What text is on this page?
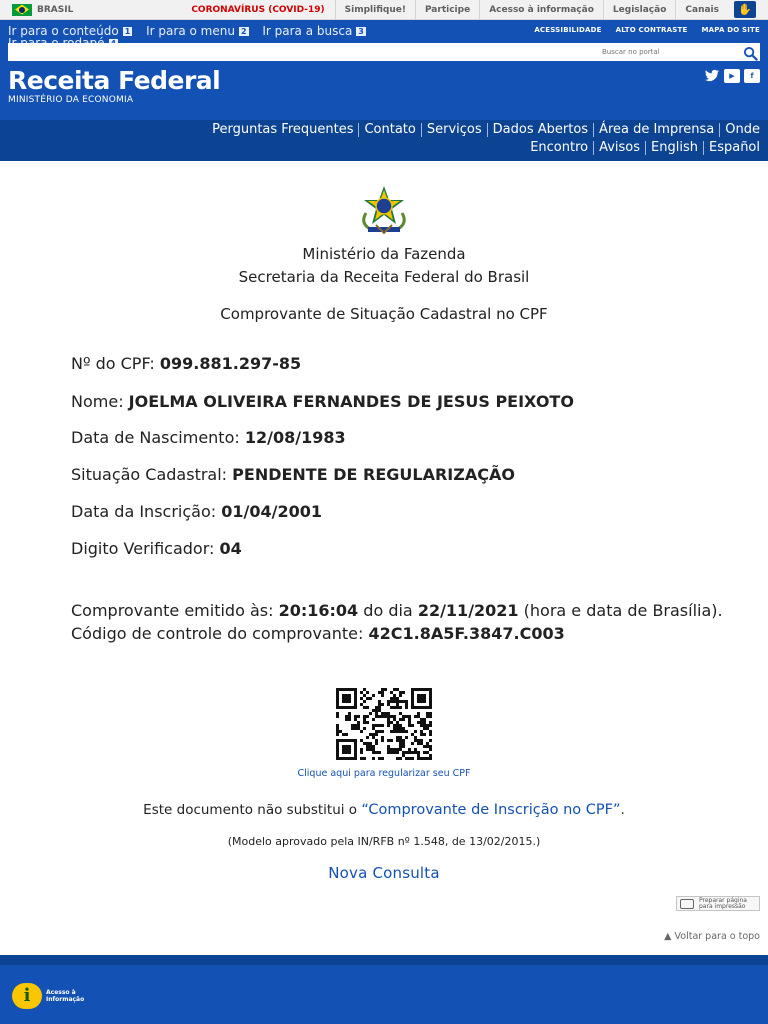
BRASIL	CORONAVÍRUS (COVID-19)	Simplifique!	Participe	Acesso à informação	Legislação	Canais	✋
Ir para o conteúdo 1 Ir para o menu 2 Ir para a busca 3	ACESSIBILIDADE ALTO CONTRASTE MAPA DO SITE
Buscar no portal
Receita Federal
MINISTÉRIO DA ECONOMIA
▶	f
Perguntas Frequentes Contato Serviços Dados Abertos Área de Imprensa Onde
Encontro Avisos English Español
Ministério da Fazenda
Secretaria da Receita Federal do Brasil
Comprovante de Situação Cadastral no CPF
Nº do CPF: 099.881.297-85
Nome: JOELMA OLIVEIRA FERNANDES DE JESUS PEIXOTO
Data de Nascimento: 12/08/1983
Situação Cadastral: PENDENTE DE REGULARIZAÇÃO
Data da Inscrição: 01/04/2001
Digito Verificador: 04
Comprovante emitido às: 20:16:04 do dia 22/11/2021 (hora e data de Brasília).
Código de controle do comprovante: 42C1.8A5F.3847.C003
Clique aqui para regularizar seu CPF
Este documento não substitui o “Comprovante de Inscrição no CPF”.
(Modelo aprovado pela IN/RFB nº 1.548, de 13/02/2015.)
Nova Consulta
Preparar página para impressão
▲ Voltar para o topo
i
Acesso à
Informação
